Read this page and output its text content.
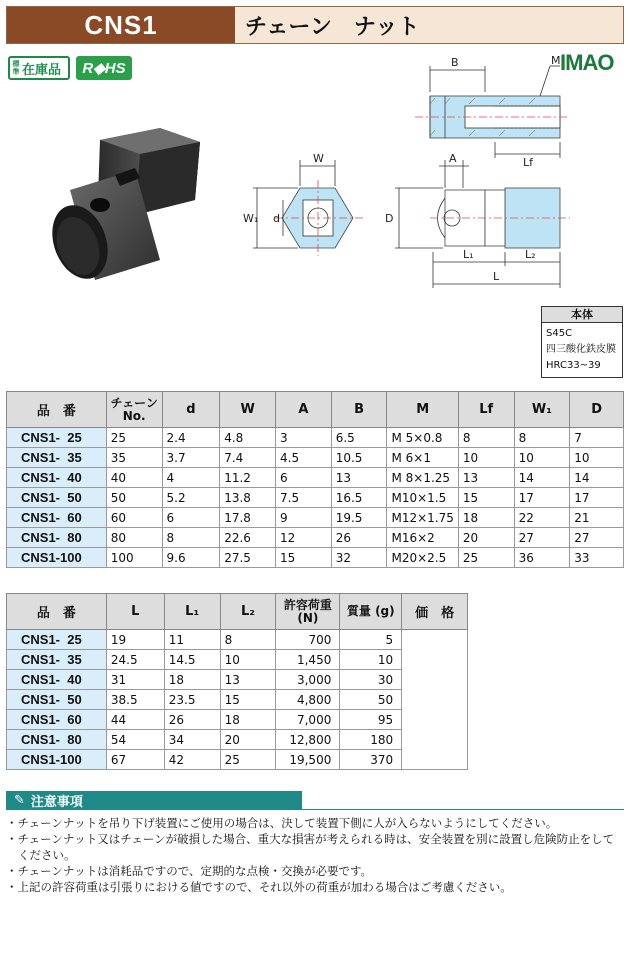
CNS1	チェーン　ナット
標準 在庫品	R◆HS	IMAO
B	M
Lf
W	A
W₁ d	D
L₁	L₂
L
本体
S45C
四三酸化鉄皮膜
HRC33~39
品　番	チェーン No.	d	W	A	B	M	Lf	W₁	D
CNS1-  25	25	2.4	4.8	3	6.5	M 5×0.8	8	8	7
CNS1-  35	35	3.7	7.4	4.5	10.5	M 6×1	10	10	10
CNS1-  40	40	4	11.2	6	13	M 8×1.25	13	14	14
CNS1-  50	50	5.2	13.8	7.5	16.5	M10×1.5	15	17	17
CNS1-  60	60	6	17.8	9	19.5	M12×1.75	18	22	21
CNS1-  80	80	8	22.6	12	26	M16×2	20	27	27
CNS1-100	100	9.6	27.5	15	32	M20×2.5	25	36	33
品　番	L	L₁	L₂	許容荷重 (N)	質量 (g)	価　格
CNS1-  25	19	11	8	700	5	
CNS1-  35	24.5	14.5	10	1,450	10	
CNS1-  40	31	18	13	3,000	30	
CNS1-  50	38.5	23.5	15	4,800	50	
CNS1-  60	44	26	18	7,000	95	
CNS1-  80	54	34	20	12,800	180	
CNS1-100	67	42	25	19,500	370	
✎ 注意事項
・チェーンナットを吊り下げ装置にご使用の場合は、決して装置下側に人が入らないようにしてください。
・チェーンナット又はチェーンが破損した場合、重大な損害が考えられる時は、安全装置を別に設置し危険防止をしてください。
・チェーンナットは消耗品ですので、定期的な点検・交換が必要です。
・上記の許容荷重は引張りにおける値ですので、それ以外の荷重が加わる場合はご考慮ください。
